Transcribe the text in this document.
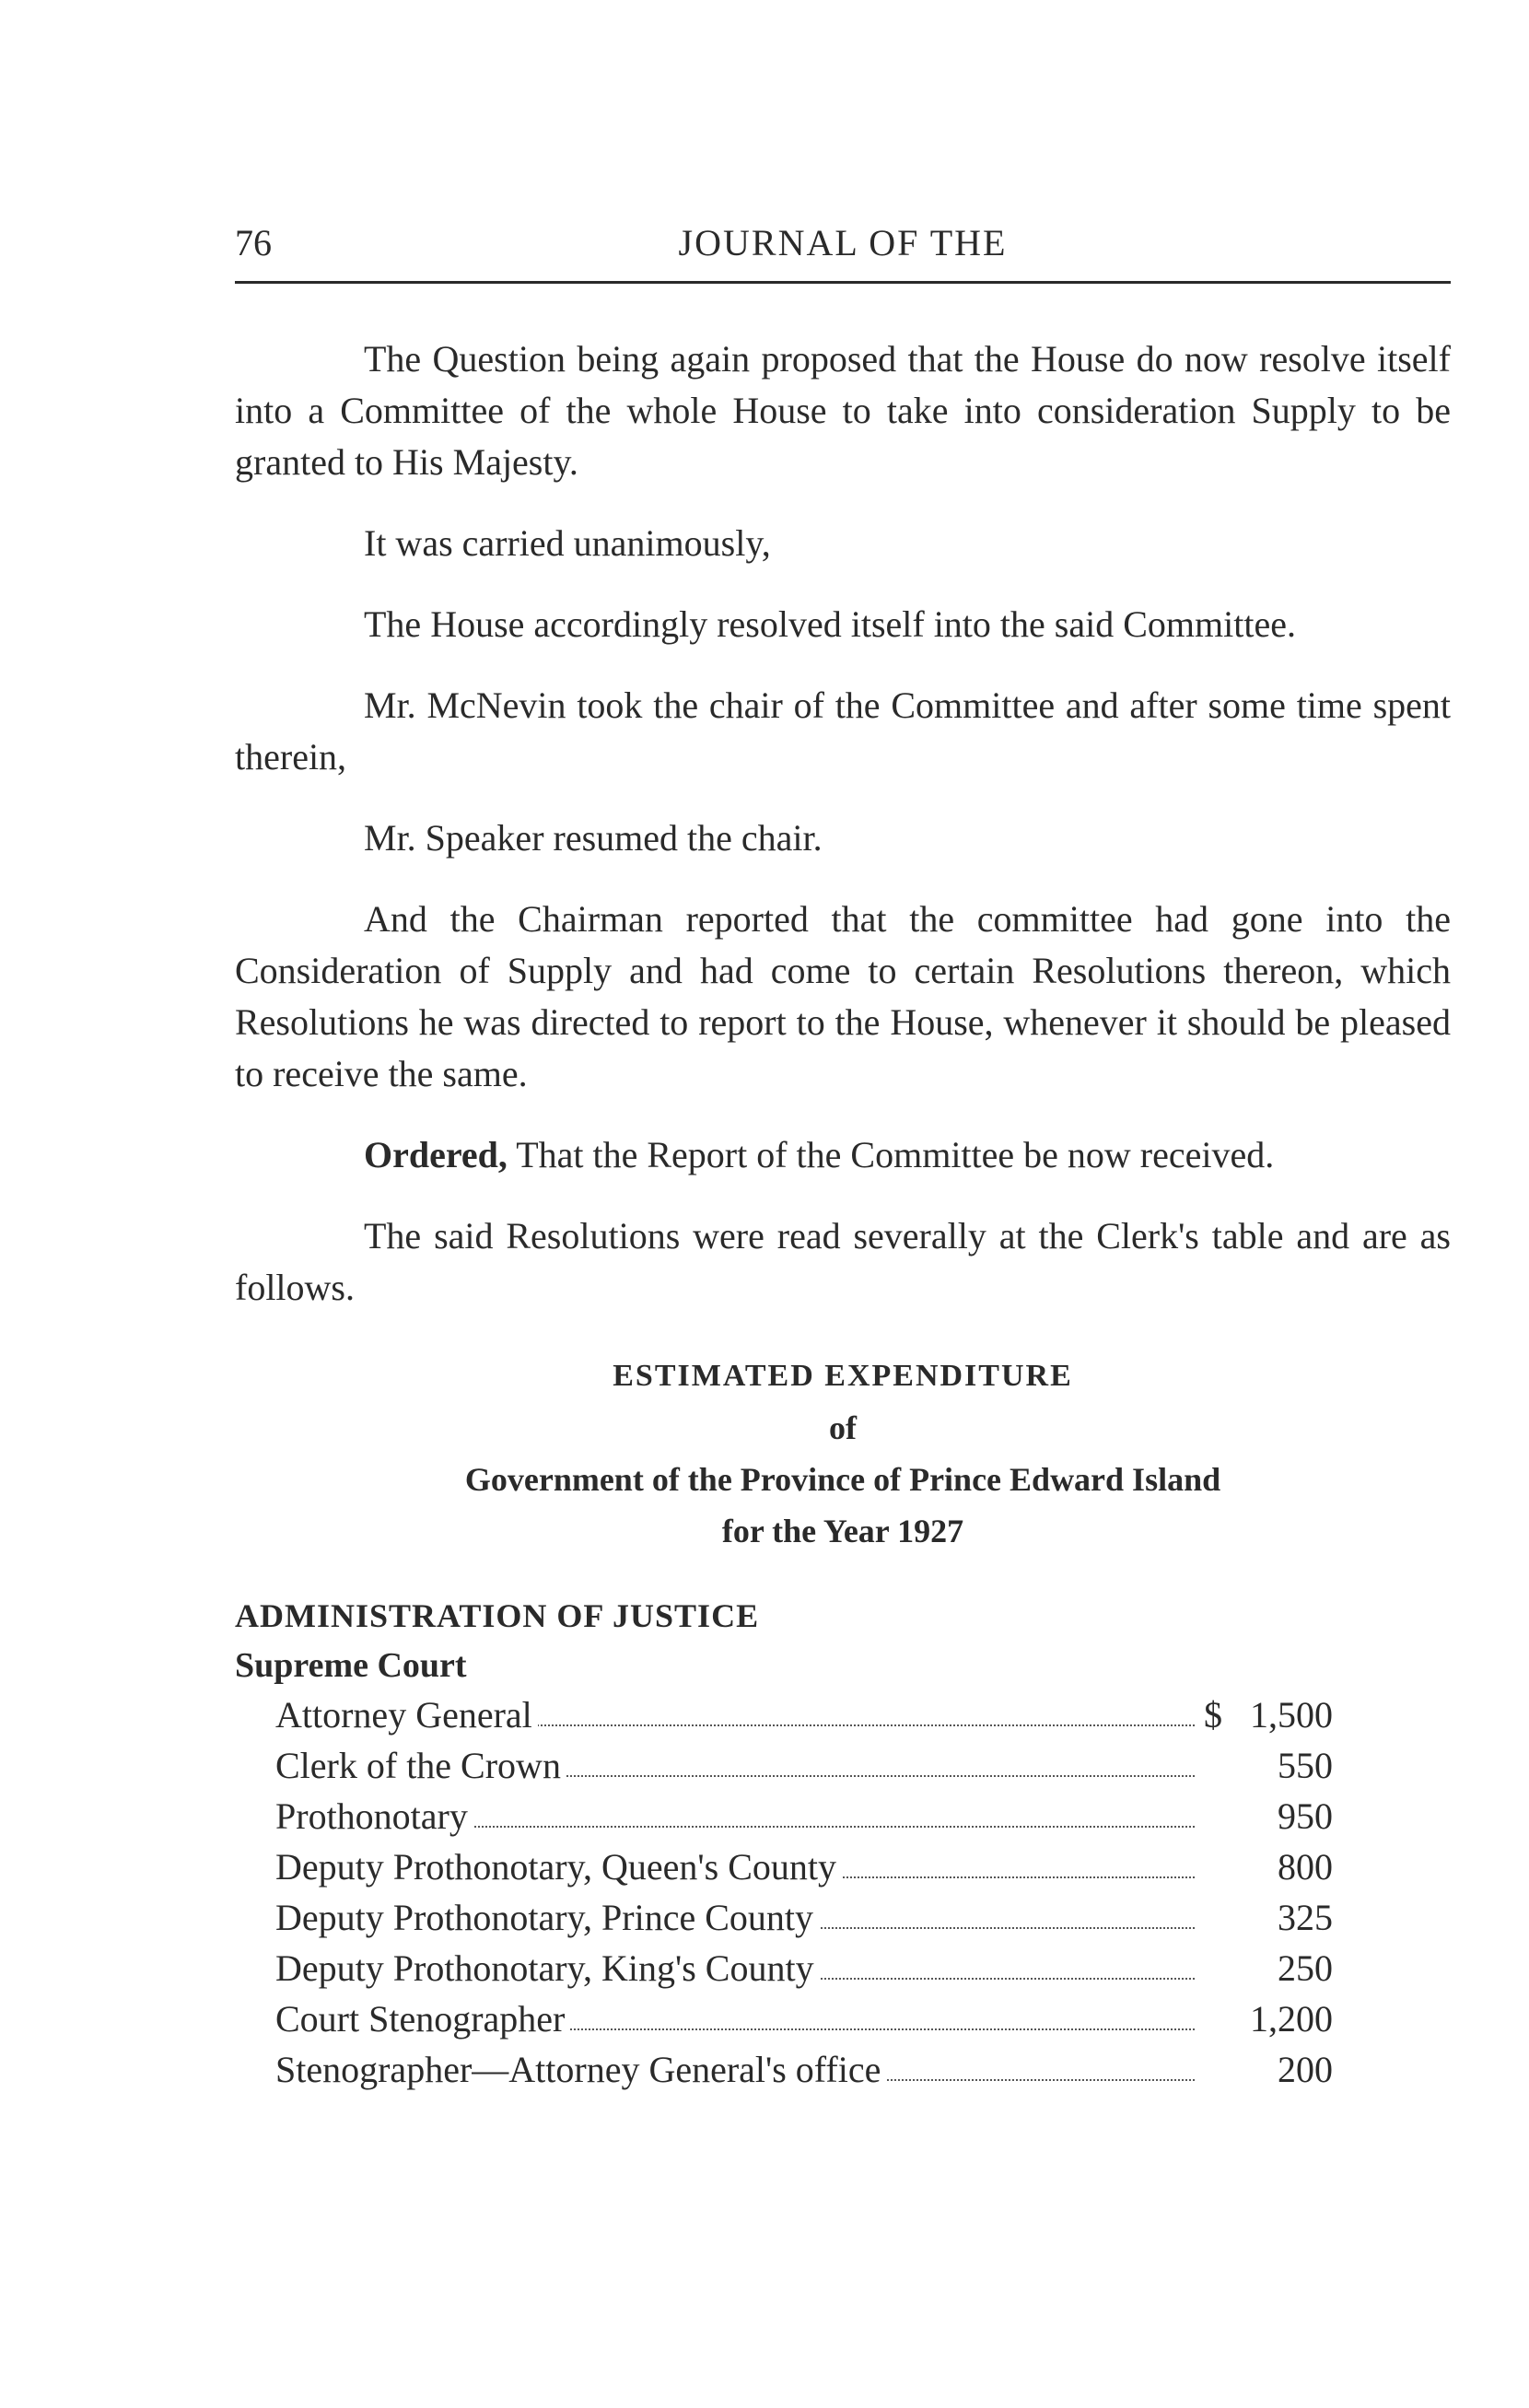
76	JOURNAL OF THE

The Question being again proposed that the House do now resolve itself into a Committee of the whole House to take into consideration Supply to be granted to His Majesty.

It was carried unanimously,

The House accordingly resolved itself into the said Committee.

Mr. McNevin took the chair of the Committee and after some time spent therein,

Mr. Speaker resumed the chair.

And the Chairman reported that the committee had gone into the Consideration of Supply and had come to certain Resolutions thereon, which Resolutions he was directed to report to the House, whenever it should be pleased to receive the same.

Ordered, That the Report of the Committee be now received.

The said Resolutions were read severally at the Clerk's table and are as follows.

ESTIMATED EXPENDITURE
of
Government of the Province of Prince Edward Island
for the Year 1927
ADMINISTRATION OF JUSTICE
Supreme Court
Attorney General	$ 1,500
Clerk of the Crown	550
Prothonotary	950
Deputy Prothonotary, Queen's County	800
Deputy Prothonotary, Prince County	325
Deputy Prothonotary, King's County	250
Court Stenographer	1,200
Stenographer—Attorney General's office	200
